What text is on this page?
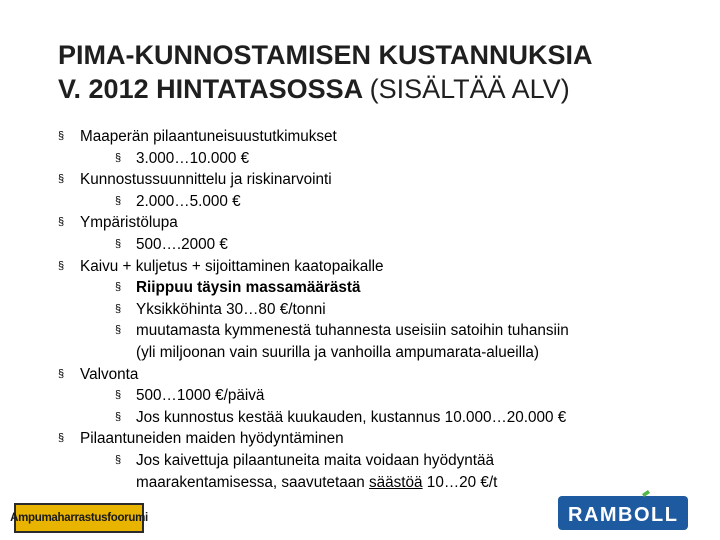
PIMA-KUNNOSTAMISEN KUSTANNUKSIA
V. 2012 HINTATASOSSA (SISÄLTÄÄ ALV)
§ Maaperän pilaantuneisuustutkimukset
§ 3.000…10.000 €
§ Kunnostussuunnittelu ja riskinarvointi
§ 2.000…5.000 €
§ Ympäristölupa
§ 500….2000 €
§ Kaivu + kuljetus + sijoittaminen kaatopaikalle
§ Riippuu täysin massamäärästä
§ Yksikköhinta 30…80 €/tonni
§ muutamasta kymmenestä tuhannesta useisiin satoihin tuhansiin
(yli miljoonan vain suurilla ja vanhoilla ampumarata-alueilla)
§ Valvonta
§ 500…1000 €/päivä
§ Jos kunnostus kestää kuukauden, kustannus 10.000…20.000 €
§ Pilaantuneiden maiden hyödyntäminen
§ Jos kaivettuja pilaantuneita maita voidaan hyödyntää
maarakentamisessa, saavutetaan säästöä 10…20 €/t
Ampumaharrastusfoorumi	RAMBOLL
